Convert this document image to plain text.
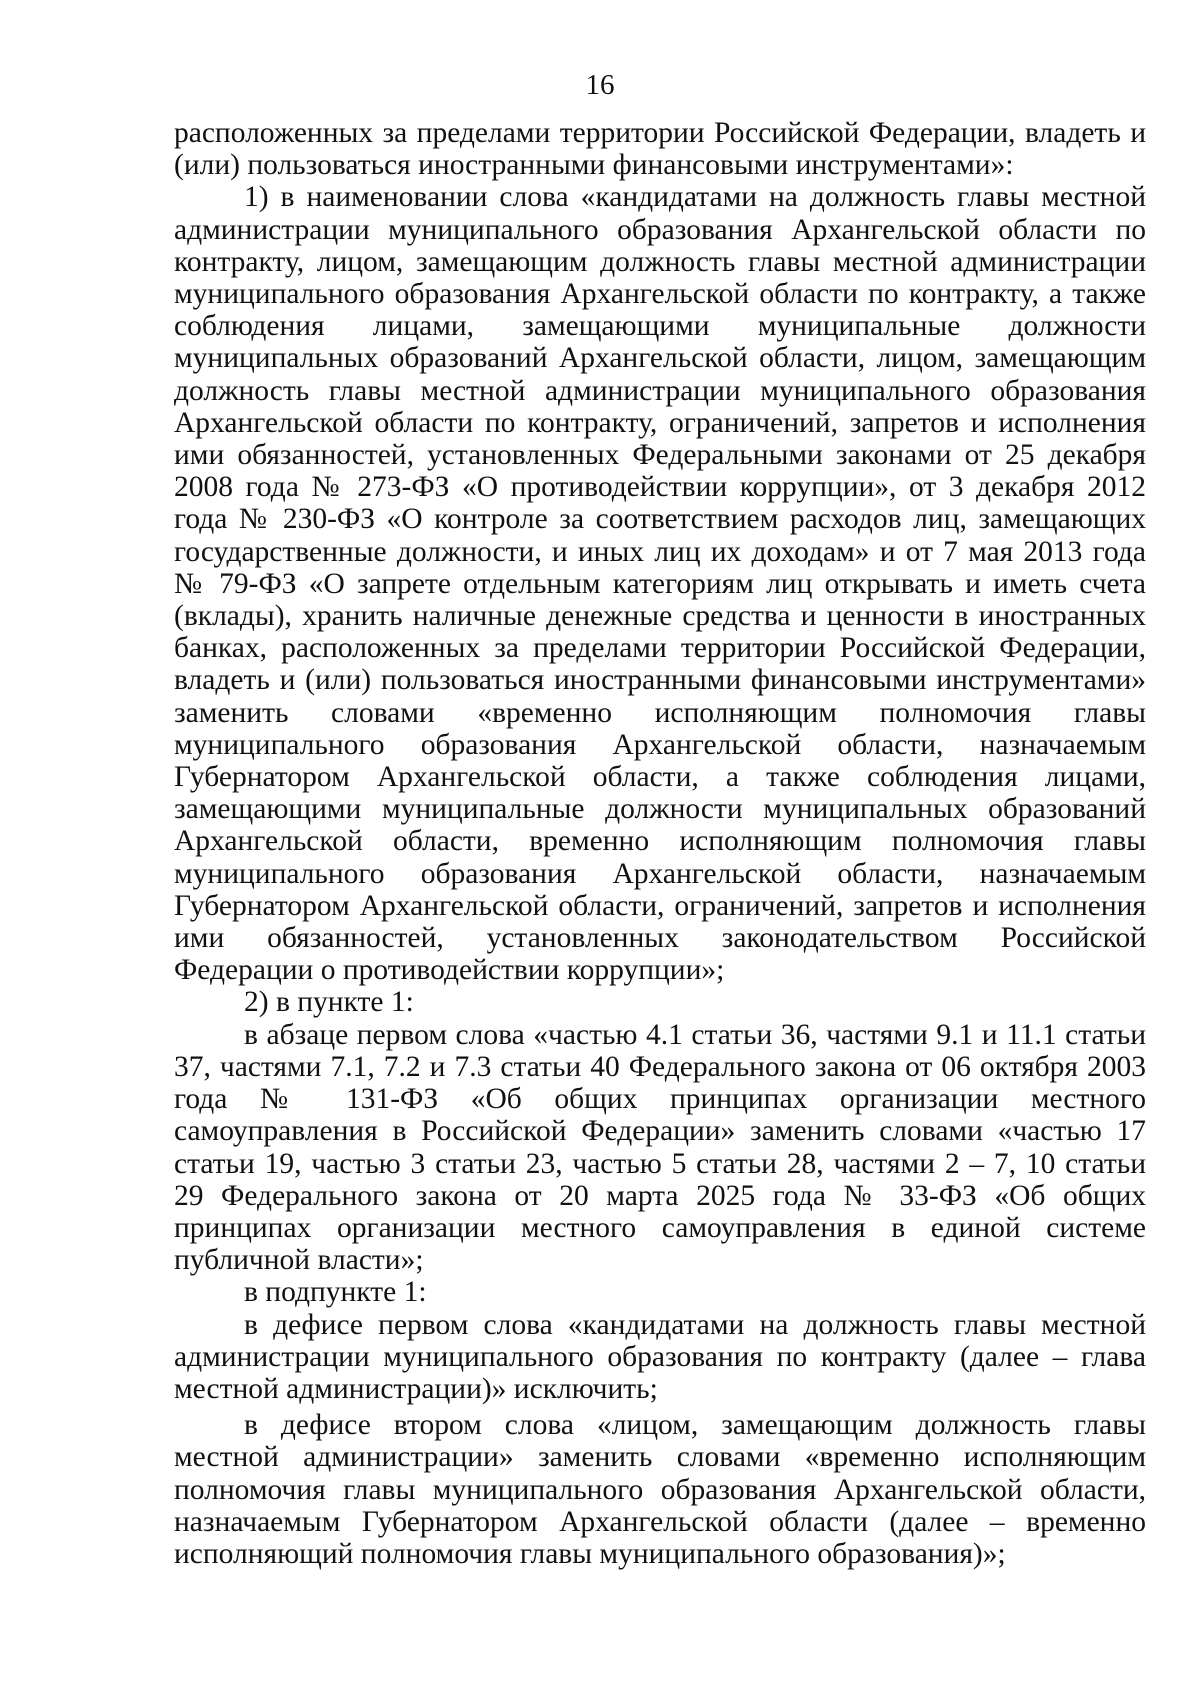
16

расположенных за пределами территории Российской Федерации, владеть и (или) пользоваться иностранными финансовыми инструментами»:

1) в наименовании слова «кандидатами на должность главы местной администрации муниципального образования Архангельской области по контракту, лицом, замещающим должность главы местной администрации муниципального образования Архангельской области по контракту, а также соблюдения лицами, замещающими муниципальные должности муниципальных образований Архангельской области, лицом, замещающим должность главы местной администрации муниципального образования Архангельской области по контракту, ограничений, запретов и исполнения ими обязанностей, установленных Федеральными законами от 25 декабря 2008 года № 273-ФЗ «О противодействии коррупции», от 3 декабря 2012 года № 230-ФЗ «О контроле за соответствием расходов лиц, замещающих государственные должности, и иных лиц их доходам» и от 7 мая 2013 года № 79-ФЗ «О запрете отдельным категориям лиц открывать и иметь счета (вклады), хранить наличные денежные средства и ценности в иностранных банках, расположенных за пределами территории Российской Федерации, владеть и (или) пользоваться иностранными финансовыми инструментами» заменить словами «временно исполняющим полномочия главы муниципального образования Архангельской области, назначаемым Губернатором Архангельской области, а также соблюдения лицами, замещающими муниципальные должности муниципальных образований Архангельской области, временно исполняющим полномочия главы муниципального образования Архангельской области, назначаемым Губернатором Архангельской области, ограничений, запретов и исполнения ими обязанностей, установленных законодательством Российской Федерации о противодействии коррупции»;

2) в пункте 1:

в абзаце первом слова «частью 4.1 статьи 36, частями 9.1 и 11.1 статьи 37, частями 7.1, 7.2 и 7.3 статьи 40 Федерального закона от 06 октября 2003 года № 131-ФЗ «Об общих принципах организации местного самоуправления в Российской Федерации» заменить словами «частью 17 статьи 19, частью 3 статьи 23, частью 5 статьи 28, частями 2 – 7, 10 статьи 29 Федерального закона от 20 марта 2025 года № 33-ФЗ «Об общих принципах организации местного самоуправления в единой системе публичной власти»;

в подпункте 1:

в дефисе первом слова «кандидатами на должность главы местной администрации муниципального образования по контракту (далее – глава местной администрации)» исключить;

в дефисе втором слова «лицом, замещающим должность главы местной администрации» заменить словами «временно исполняющим полномочия главы муниципального образования Архангельской области, назначаемым Губернатором Архангельской области (далее – временно исполняющий полномочия главы муниципального образования)»;
